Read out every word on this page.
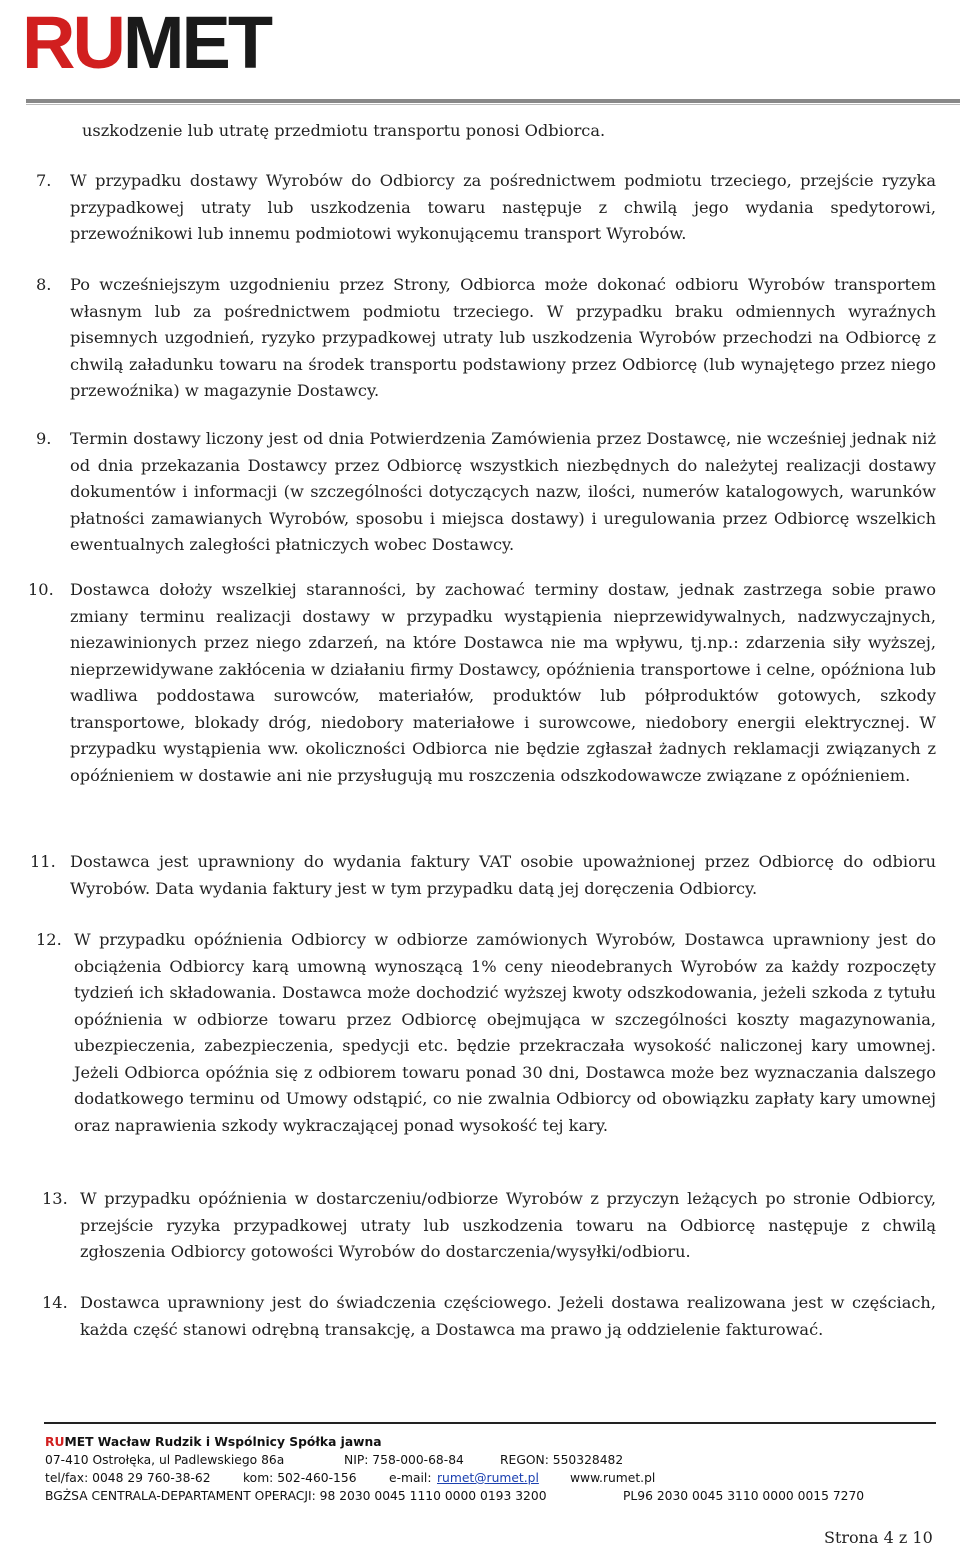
RU MET

uszkodzenie lub utratę przedmiotu transportu ponosi Odbiorca.

7. W przypadku dostawy Wyrobów do Odbiorcy za pośrednictwem podmiotu trzeciego, przejście ryzyka przypadkowej utraty lub uszkodzenia towaru następuje z chwilą jego wydania spedytorowi, przewoźnikowi lub innemu podmiotowi wykonującemu transport Wyrobów.

8. Po wcześniejszym uzgodnieniu przez Strony, Odbiorca może dokonać odbioru Wyrobów transportem własnym lub za pośrednictwem podmiotu trzeciego. W przypadku braku odmiennych wyraźnych pisemnych uzgodnień, ryzyko przypadkowej utraty lub uszkodzenia Wyrobów przechodzi na Odbiorcę z chwilą załadunku towaru na środek transportu podstawiony przez Odbiorcę (lub wynajętego przez niego przewoźnika) w magazynie Dostawcy.

9. Termin dostawy liczony jest od dnia Potwierdzenia Zamówienia przez Dostawcę, nie wcześniej jednak niż od dnia przekazania Dostawcy przez Odbiorcę wszystkich niezbędnych do należytej realizacji dostawy dokumentów i informacji (w szczególności dotyczących nazw, ilości, numerów katalogowych, warunków płatności zamawianych Wyrobów, sposobu i miejsca dostawy) i uregulowania przez Odbiorcę wszelkich ewentualnych zaległości płatniczych wobec Dostawcy.

10. Dostawca dołoży wszelkiej staranności, by zachować terminy dostaw, jednak zastrzega sobie prawo zmiany terminu realizacji dostawy w przypadku wystąpienia nieprzewidywalnych, nadzwyczajnych, niezawinionych przez niego zdarzeń, na które Dostawca nie ma wpływu, tj.np.: zdarzenia siły wyższej, nieprzewidywane zakłócenia w działaniu firmy Dostawcy, opóźnienia transportowe i celne, opóźniona lub wadliwa poddostawa surowców, materiałów, produktów lub półproduktów gotowych, szkody transportowe, blokady dróg, niedobory materiałowe i surowcowe, niedobory energii elektrycznej. W przypadku wystąpienia ww. okoliczności Odbiorca nie będzie zgłaszał żadnych reklamacji związanych z opóźnieniem w dostawie ani nie przysługują mu roszczenia odszkodowawcze związane z opóźnieniem.

11. Dostawca jest uprawniony do wydania faktury VAT osobie upoważnionej przez Odbiorcę do odbioru Wyrobów. Data wydania faktury jest w tym przypadku datą jej doręczenia Odbiorcy.

12. W przypadku opóźnienia Odbiorcy w odbiorze zamówionych Wyrobów, Dostawca uprawniony jest do obciążenia Odbiorcy karą umowną wynoszącą 1% ceny nieodebranych Wyrobów za każdy rozpoczęty tydzień ich składowania. Dostawca może dochodzić wyższej kwoty odszkodowania, jeżeli szkoda z tytułu opóźnienia w odbiorze towaru przez Odbiorcę obejmująca w szczególności koszty magazynowania, ubezpieczenia, zabezpieczenia, spedycji etc. będzie przekraczała wysokość naliczonej kary umownej. Jeżeli Odbiorca opóźnia się z odbiorem towaru ponad 30 dni, Dostawca może bez wyznaczania dalszego dodatkowego terminu od Umowy odstąpić, co nie zwalnia Odbiorcy od obowiązku zapłaty kary umownej oraz naprawienia szkody wykraczającej ponad wysokość tej kary.

13. W przypadku opóźnienia w dostarczeniu/odbiorze Wyrobów z przyczyn leżących po stronie Odbiorcy, przejście ryzyka przypadkowej utraty lub uszkodzenia towaru na Odbiorcę następuje z chwilą zgłoszenia Odbiorcy gotowości Wyrobów do dostarczenia/wysyłki/odbioru.

14. Dostawca uprawniony jest do świadczenia częściowego. Jeżeli dostawa realizowana jest w częściach, każda część stanowi odrębną transakcję, a Dostawca ma prawo ją oddzielenie fakturować.

RUMET Wacław Rudzik i Wspólnicy Spółka jawna
07-410 Ostrołęka, ul Padlewskiego 86a	NIP: 758-000-68-84	REGON: 550328482
tel/fax: 0048 29 760-38-62	kom: 502-460-156	e-mail: rumet@rumet.pl	www.rumet.pl
BGŻSA CENTRALA-DEPARTAMENT OPERACJI: 98 2030 0045 1110 0000 0193 3200	PL96 2030 0045 3110 0000 0015 7270
Strona 4 z 10
